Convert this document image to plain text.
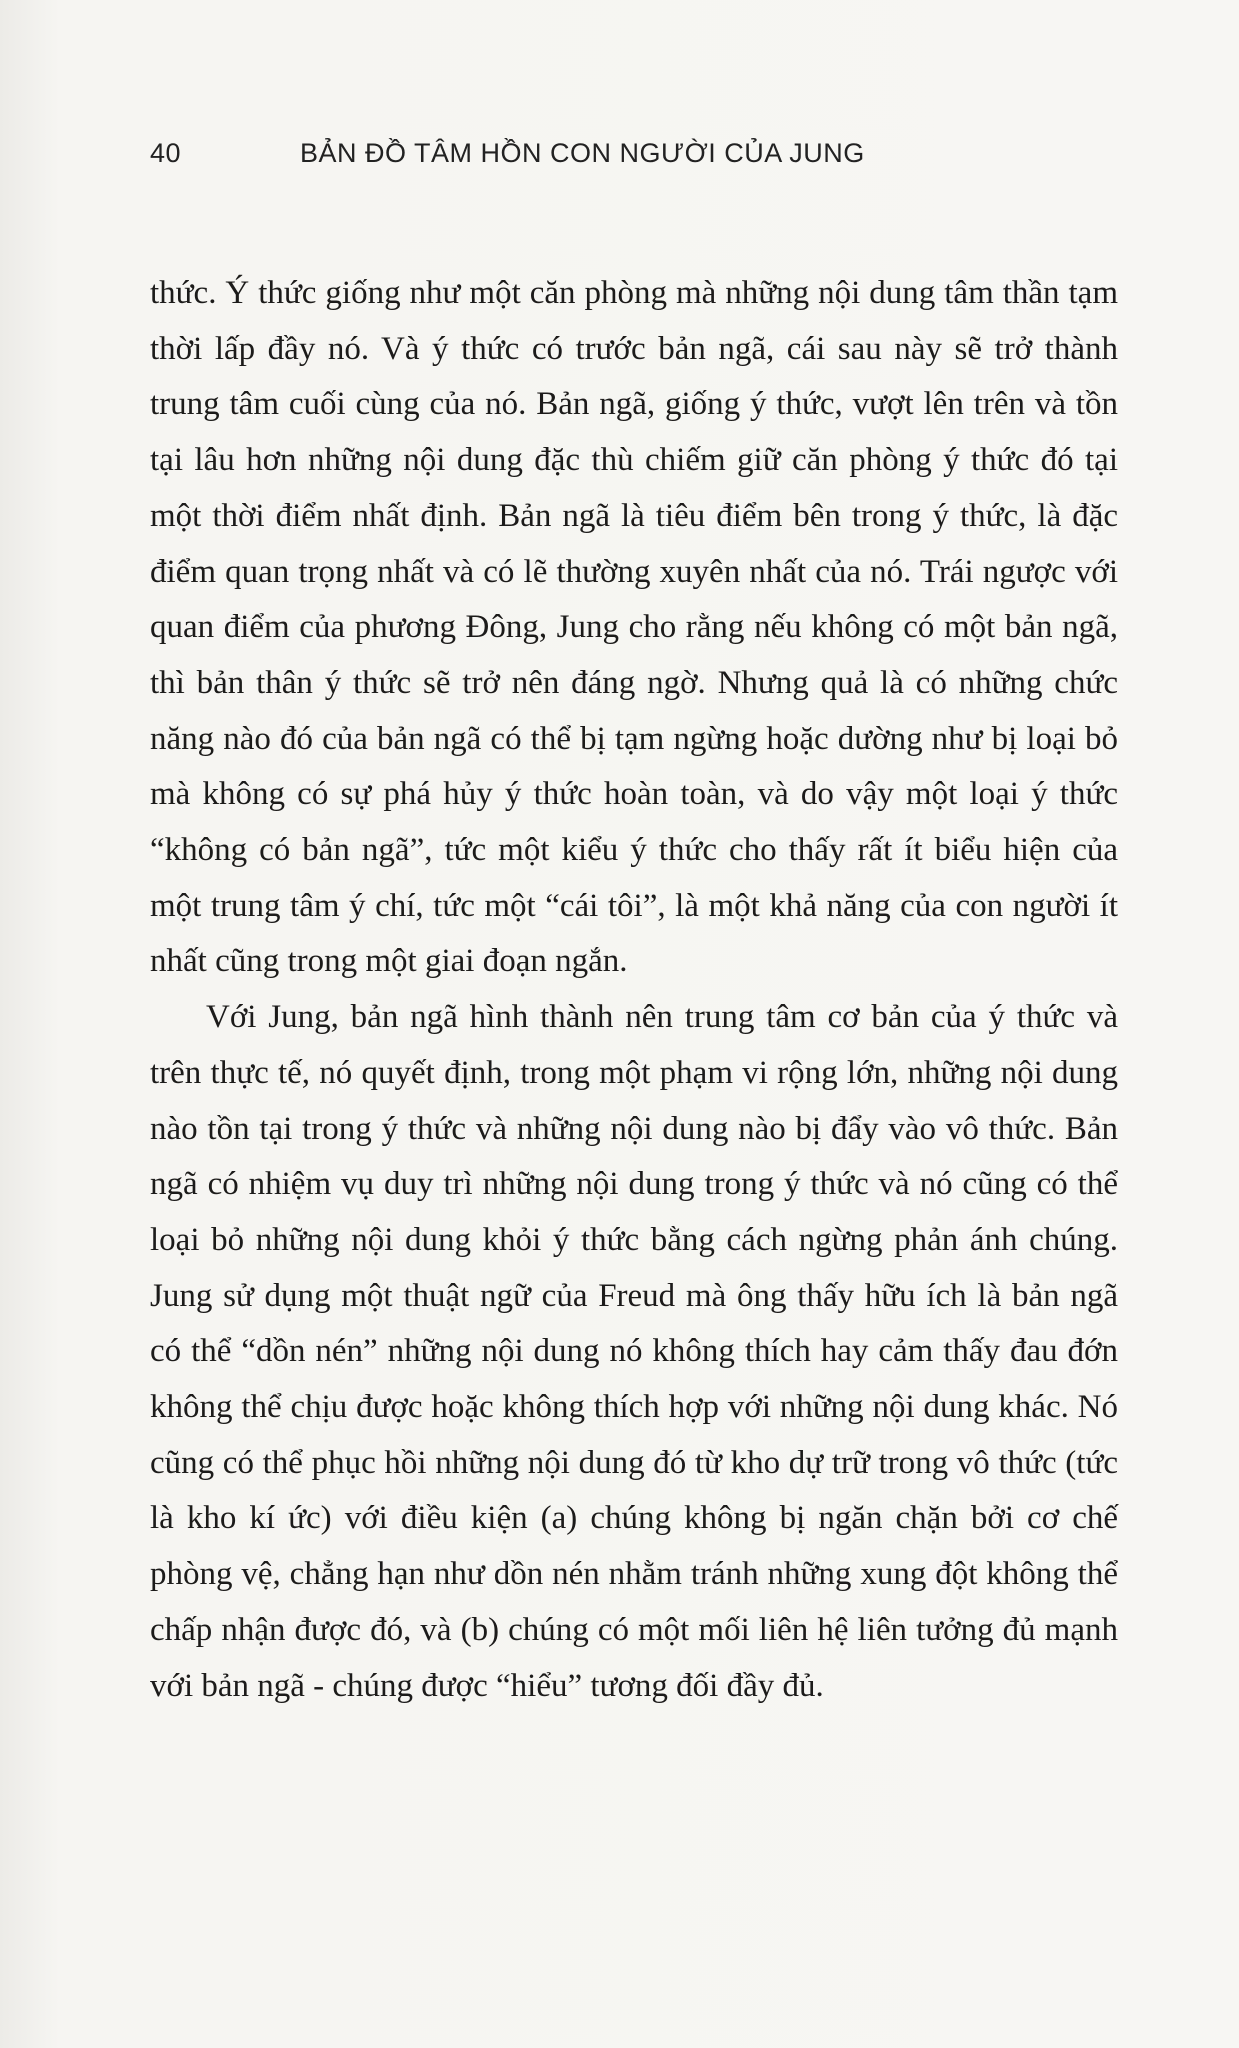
40	BẢN ĐỒ TÂM HỒN CON NGƯỜI CỦA JUNG

thức. Ý thức giống như một căn phòng mà những nội dung tâm thần tạm thời lấp đầy nó. Và ý thức có trước bản ngã, cái sau này sẽ trở thành trung tâm cuối cùng của nó. Bản ngã, giống ý thức, vượt lên trên và tồn tại lâu hơn những nội dung đặc thù chiếm giữ căn phòng ý thức đó tại một thời điểm nhất định. Bản ngã là tiêu điểm bên trong ý thức, là đặc điểm quan trọng nhất và có lẽ thường xuyên nhất của nó. Trái ngược với quan điểm của phương Đông, Jung cho rằng nếu không có một bản ngã, thì bản thân ý thức sẽ trở nên đáng ngờ. Nhưng quả là có những chức năng nào đó của bản ngã có thể bị tạm ngừng hoặc dường như bị loại bỏ mà không có sự phá hủy ý thức hoàn toàn, và do vậy một loại ý thức “không có bản ngã”, tức một kiểu ý thức cho thấy rất ít biểu hiện của một trung tâm ý chí, tức một “cái tôi”, là một khả năng của con người ít nhất cũng trong một giai đoạn ngắn.

Với Jung, bản ngã hình thành nên trung tâm cơ bản của ý thức và trên thực tế, nó quyết định, trong một phạm vi rộng lớn, những nội dung nào tồn tại trong ý thức và những nội dung nào bị đẩy vào vô thức. Bản ngã có nhiệm vụ duy trì những nội dung trong ý thức và nó cũng có thể loại bỏ những nội dung khỏi ý thức bằng cách ngừng phản ánh chúng. Jung sử dụng một thuật ngữ của Freud mà ông thấy hữu ích là bản ngã có thể “dồn nén” những nội dung nó không thích hay cảm thấy đau đớn không thể chịu được hoặc không thích hợp với những nội dung khác. Nó cũng có thể phục hồi những nội dung đó từ kho dự trữ trong vô thức (tức là kho kí ức) với điều kiện (a) chúng không bị ngăn chặn bởi cơ chế phòng vệ, chẳng hạn như dồn nén nhằm tránh những xung đột không thể chấp nhận được đó, và (b) chúng có một mối liên hệ liên tưởng đủ mạnh với bản ngã - chúng được “hiểu” tương đối đầy đủ.
